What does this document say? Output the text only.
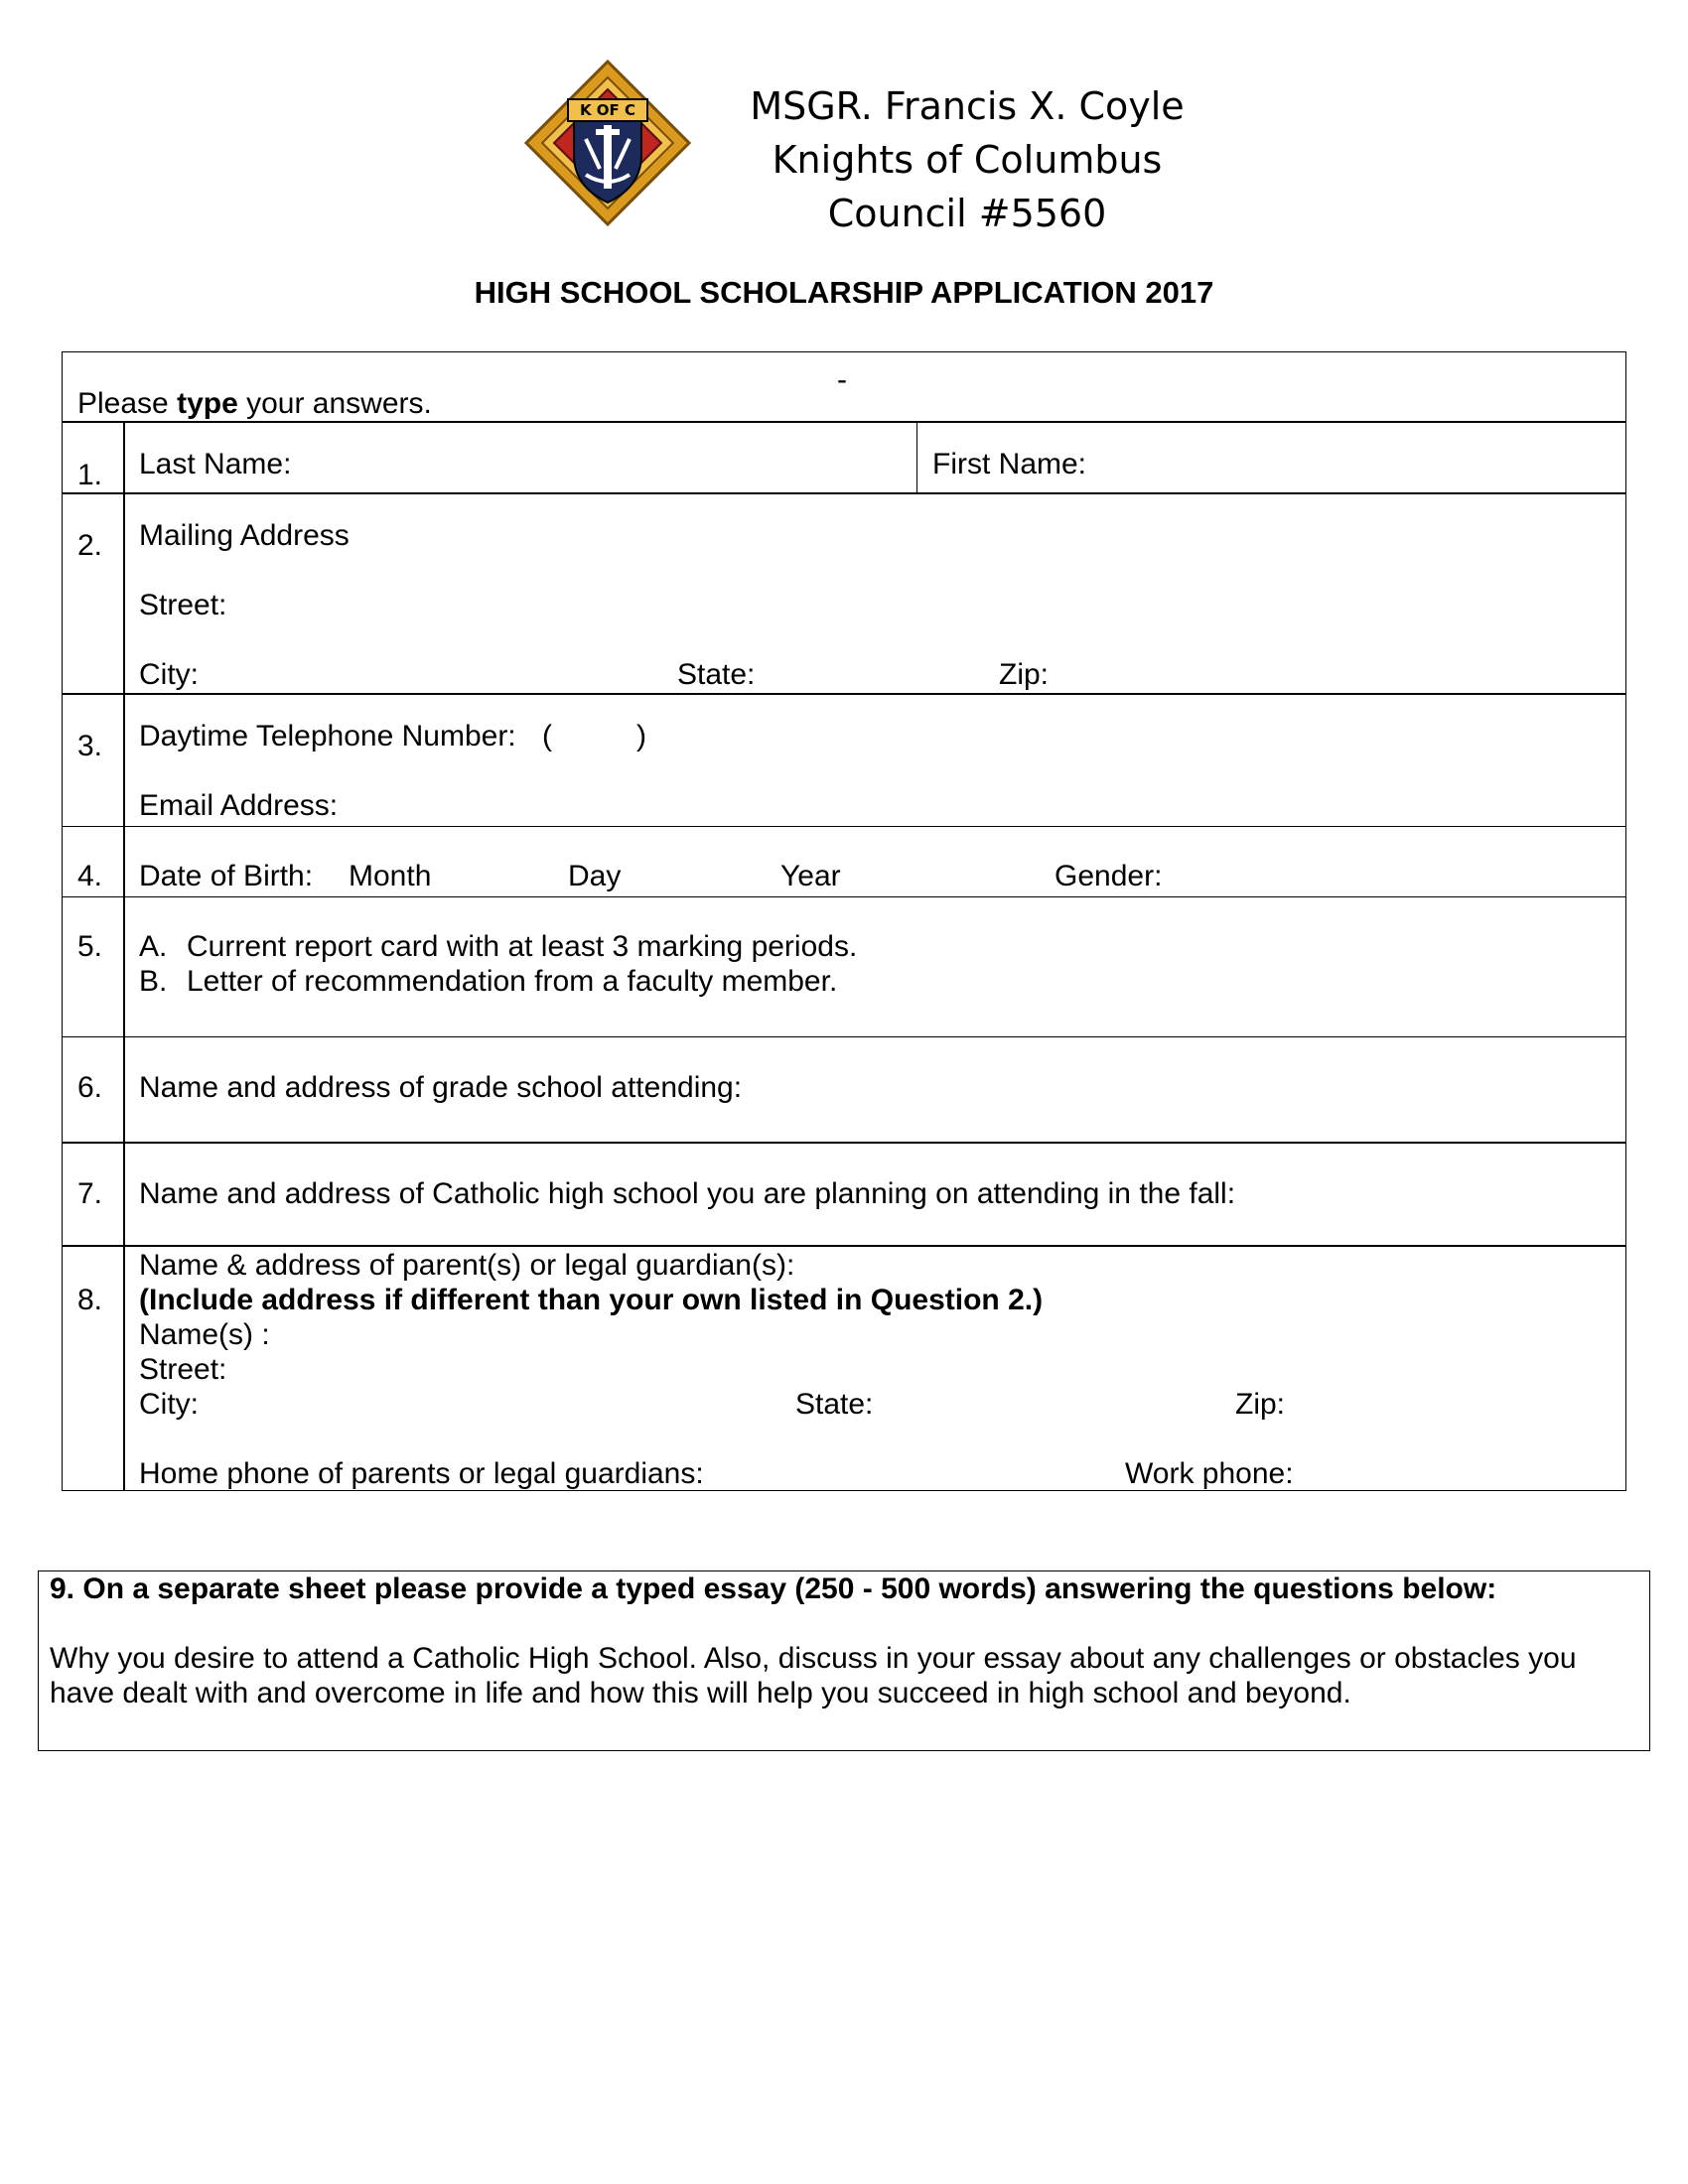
K OF C	MSGR. Francis X. Coyle
Knights of Columbus
Council #5560
HIGH SCHOOL SCHOLARSHIP APPLICATION 2017
-
Please type your answers.
1. Last Name:	First Name:
2. Mailing Address
Street:
City:	State:	Zip:
3. Daytime Telephone Number: (	)
Email Address:
4. Date of Birth: Month	Day	Year	Gender:
5. A. Current report card with at least 3 marking periods.
B. Letter of recommendation from a faculty member.
6. Name and address of grade school attending:
7. Name and address of Catholic high school you are planning on attending in the fall:
8.
Name & address of parent(s) or legal guardian(s):
(Include address if different than your own listed in Question 2.)
Name(s) :
Street:
City:	State:	Zip:
Home phone of parents or legal guardians:	Work phone:
9. On a separate sheet please provide a typed essay (250 - 500 words) answering the questions below:
Why you desire to attend a Catholic High School. Also, discuss in your essay about any challenges or obstacles you
have dealt with and overcome in life and how this will help you succeed in high school and beyond.
